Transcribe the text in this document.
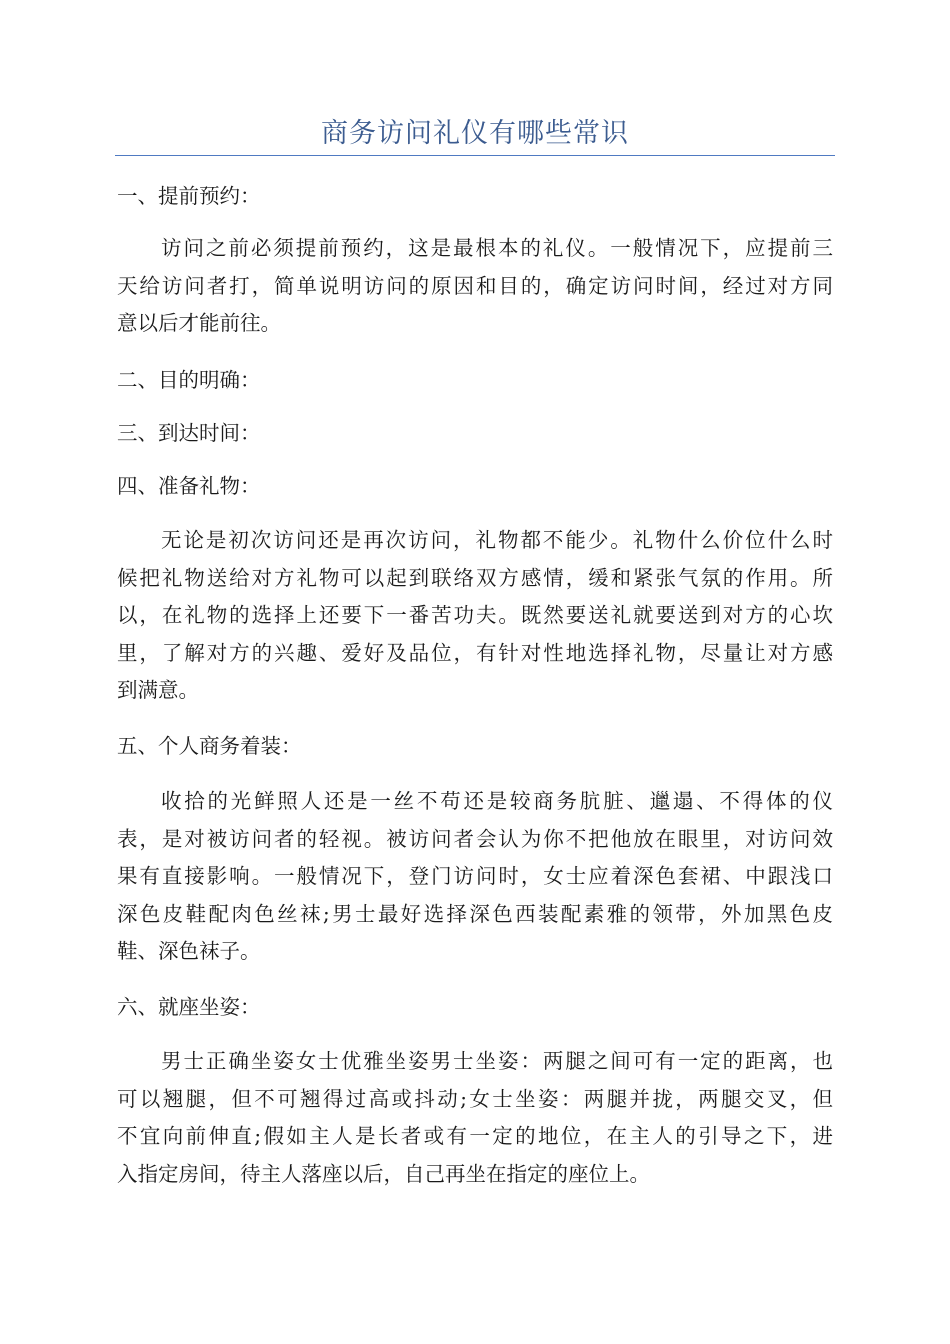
商务访问礼仪有哪些常识
一、提前预约：
访问之前必须提前预约，这是最根本的礼仪。一般情况下，应提前三
天给访问者打，简单说明访问的原因和目的，确定访问时间，经过对方同
意以后才能前往。
二、目的明确：
三、到达时间：
四、准备礼物：
无论是初次访问还是再次访问，礼物都不能少。礼物什么价位什么时
候把礼物送给对方礼物可以起到联络双方感情，缓和紧张气氛的作用。所
以，在礼物的选择上还要下一番苦功夫。既然要送礼就要送到对方的心坎
里，了解对方的兴趣、爱好及品位，有针对性地选择礼物，尽量让对方感
到满意。
五、个人商务着装：
收拾的光鲜照人还是一丝不苟还是较商务肮脏、邋遢、不得体的仪
表，是对被访问者的轻视。被访问者会认为你不把他放在眼里，对访问效
果有直接影响。一般情况下，登门访问时，女士应着深色套裙、中跟浅口
深色皮鞋配肉色丝袜;男士最好选择深色西装配素雅的领带，外加黑色皮
鞋、深色袜子。
六、就座坐姿：
男士正确坐姿女士优雅坐姿男士坐姿：两腿之间可有一定的距离，也
可以翘腿，但不可翘得过高或抖动;女士坐姿：两腿并拢，两腿交叉，但
不宜向前伸直;假如主人是长者或有一定的地位，在主人的引导之下，进
入指定房间，待主人落座以后，自己再坐在指定的座位上。
